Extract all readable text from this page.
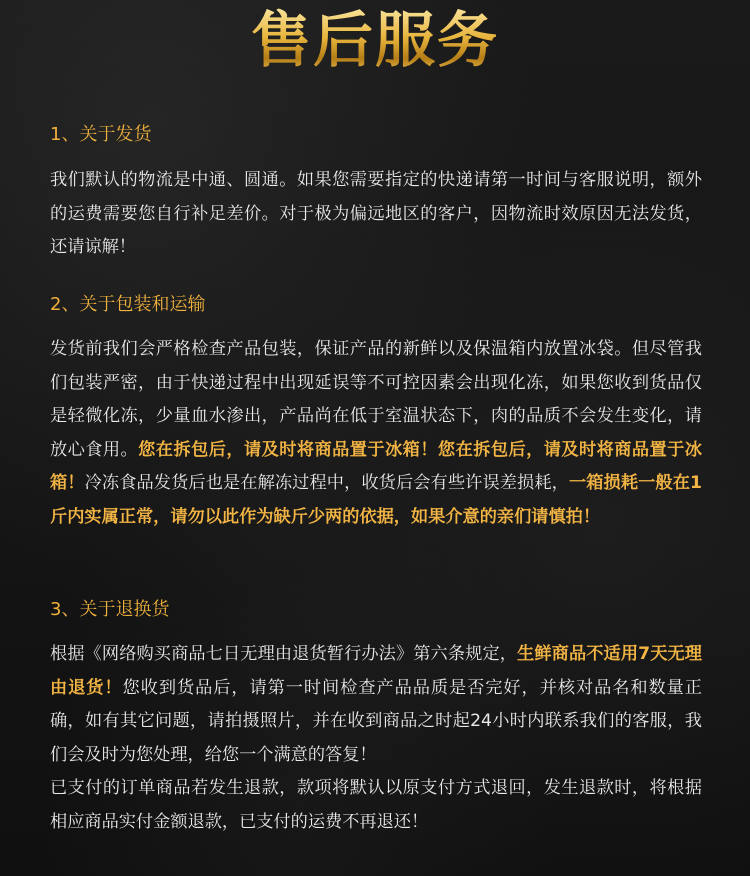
售后服务

1、关于发货

我们默认的物流是中通、圆通。如果您需要指定的快递请第一时间与客服说明，额外的运费需要您自行补足差价。对于极为偏远地区的客户，因物流时效原因无法发货，还请谅解！

2、关于包装和运输

发货前我们会严格检查产品包装，保证产品的新鲜以及保温箱内放置冰袋。但尽管我们包装严密，由于快递过程中出现延误等不可控因素会出现化冻，如果您收到货品仅是轻微化冻，少量血水渗出，产品尚在低于室温状态下，肉的品质不会发生变化，请放心食用。您在拆包后，请及时将商品置于冰箱！您在拆包后，请及时将商品置于冰箱！冷冻食品发货后也是在解冻过程中，收货后会有些许误差损耗，一箱损耗一般在1斤内实属正常，请勿以此作为缺斤少两的依据，如果介意的亲们请慎拍！

3、关于退换货

根据《网络购买商品七日无理由退货暂行办法》第六条规定，生鲜商品不适用7天无理由退货！您收到货品后，请第一时间检查产品品质是否完好，并核对品名和数量正确，如有其它问题，请拍摄照片，并在收到商品之时起24小时内联系我们的客服，我们会及时为您处理，给您一个满意的答复！

已支付的订单商品若发生退款，款项将默认以原支付方式退回，发生退款时，将根据相应商品实付金额退款，已支付的运费不再退还！
